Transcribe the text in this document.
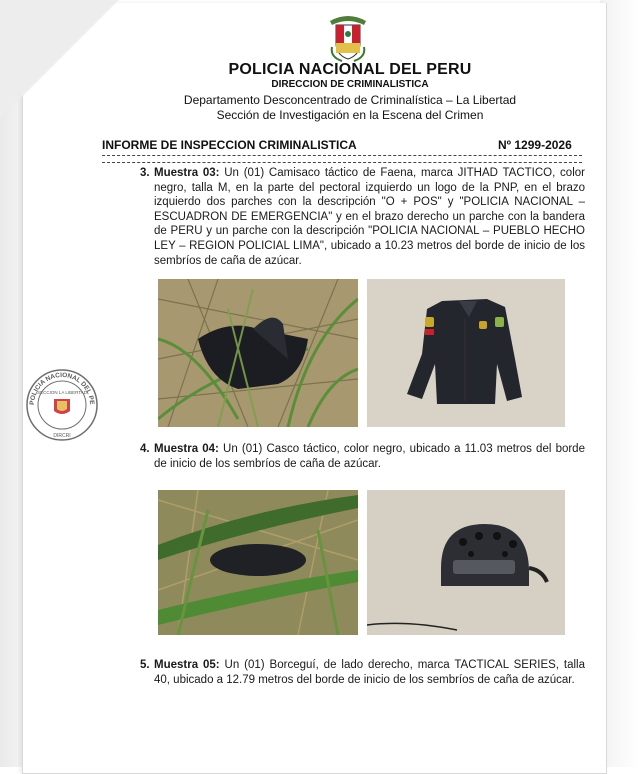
POLICIA NACIONAL DEL PERU
DIRECCION DE CRIMINALISTICA
Departamento Desconcentrado de Criminalística – La Libertad
Sección de Investigación en la Escena del Crimen
INFORME DE INSPECCION CRIMINALISTICA	Nº 1299-2026
3. Muestra 03: Un (01) Camisaco táctico de Faena, marca JITHAD TACTICO, color negro, talla M, en la parte del pectoral izquierdo un logo de la PNP, en el brazo izquierdo dos parches con la descripción "O + POS" y "POLICIA NACIONAL – ESCUADRON DE EMERGENCIA" y en el brazo derecho un parche con la bandera de PERU y un parche con la descripción "POLICIA NACIONAL – PUEBLO HECHO LEY – REGION POLICIAL LIMA", ubicado a 10.23 metros del borde de inicio de los sembríos de caña de azúcar.
POLICIA NACIONAL DEL PE
SECCION LA LIBERTAD
DIRCRI
4. Muestra 04: Un (01) Casco táctico, color negro, ubicado a 11.03 metros del borde de inicio de los sembríos de caña de azúcar.
5. Muestra 05: Un (01) Borceguí, de lado derecho, marca TACTICAL SERIES, talla 40, ubicado a 12.79 metros del borde de inicio de los sembríos de caña de azúcar.
